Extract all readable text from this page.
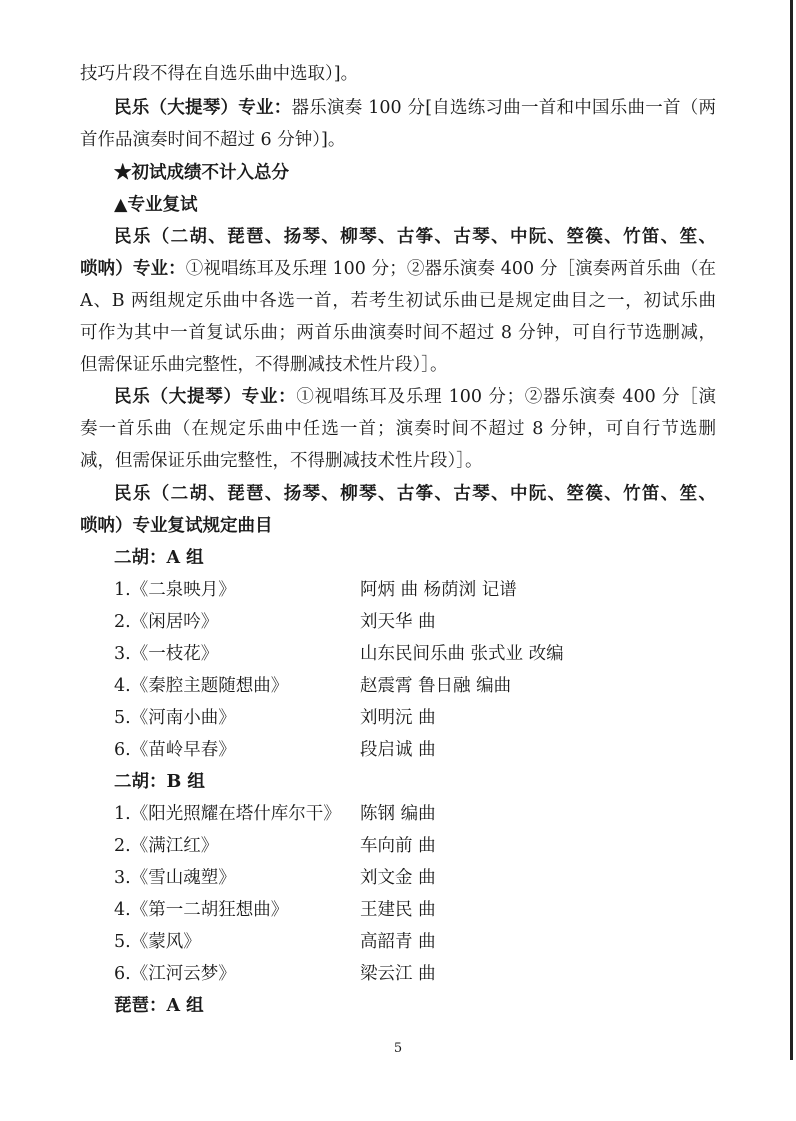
技巧片段不得在自选乐曲中选取）]。
民乐（大提琴）专业：器乐演奏 100 分[自选练习曲一首和中国乐曲一首（两
首作品演奏时间不超过 6 分钟）]。
★初试成绩不计入总分
▲专业复试
民乐（二胡、琵琶、扬琴、柳琴、古筝、古琴、中阮、箜篌、竹笛、笙、
唢呐）专业：①视唱练耳及乐理 100 分；②器乐演奏 400 分［演奏两首乐曲（在
A、B 两组规定乐曲中各选一首，若考生初试乐曲已是规定曲目之一，初试乐曲
可作为其中一首复试乐曲；两首乐曲演奏时间不超过 8 分钟，可自行节选删减，
但需保证乐曲完整性，不得删减技术性片段）］。
民乐（大提琴）专业：①视唱练耳及乐理 100 分；②器乐演奏 400 分［演
奏一首乐曲（在规定乐曲中任选一首；演奏时间不超过 8 分钟，可自行节选删
减，但需保证乐曲完整性，不得删减技术性片段）］。
民乐（二胡、琵琶、扬琴、柳琴、古筝、古琴、中阮、箜篌、竹笛、笙、
唢呐）专业复试规定曲目
二胡：A 组
1.《二泉映月》	阿炳 曲 杨荫浏 记谱
2.《闲居吟》	刘天华 曲
3.《一枝花》	山东民间乐曲 张式业 改编
4.《秦腔主题随想曲》	赵震霄 鲁日融 编曲
5.《河南小曲》	刘明沅 曲
6.《苗岭早春》	段启诚 曲
二胡：B 组
1.《阳光照耀在塔什库尔干》 陈钢 编曲
2.《满江红》	车向前 曲
3.《雪山魂塑》	刘文金 曲
4.《第一二胡狂想曲》	王建民 曲
5.《蒙风》	高韶青 曲
6.《江河云梦》	梁云江 曲
琵琶：A 组
5
